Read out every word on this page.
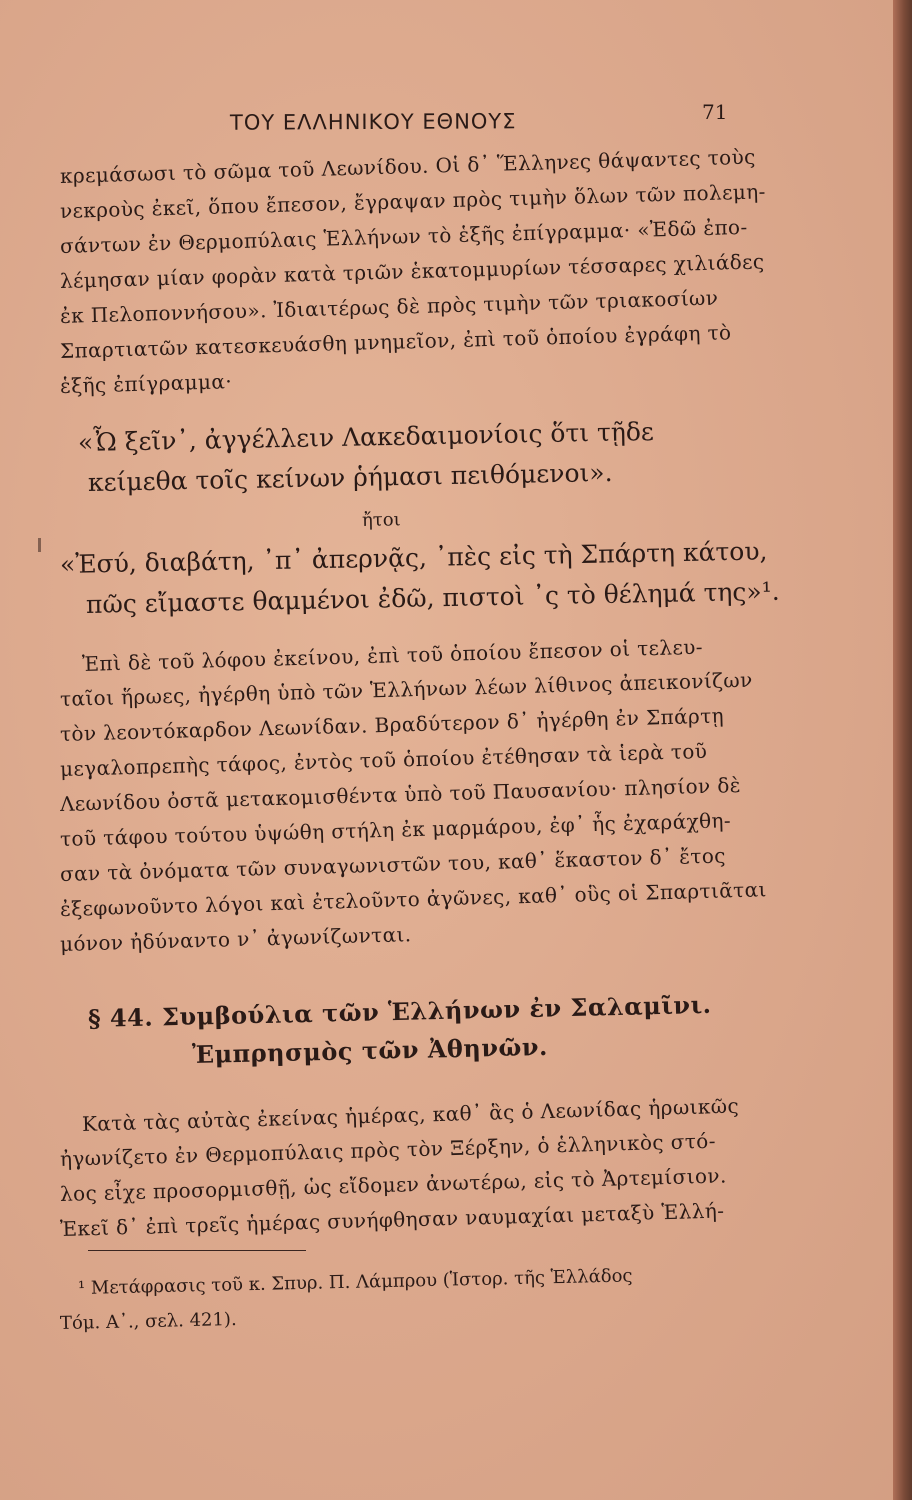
ΤΟΥ ΕΛΛΗΝΙΚΟΥ ΕΘΝΟΥΣ	71
κρεμάσωσι τὸ σῶμα τοῦ Λεωνίδου. Οἱ δ᾽ Ἕλληνες θάψαντες τοὺς
νεκροὺς ἐκεῖ, ὅπου ἔπεσον, ἔγραψαν πρὸς τιμὴν ὅλων τῶν πολεμη-
σάντων ἐν Θερμοπύλαις Ἑλλήνων τὸ ἑξῆς ἐπίγραμμα· «Ἐδῶ ἐπο-
λέμησαν μίαν φορὰν κατὰ τριῶν ἑκατομμυρίων τέσσαρες χιλιάδες
ἐκ Πελοποννήσου». Ἰδιαιτέρως δὲ πρὸς τιμὴν τῶν τριακοσίων
Σπαρτιατῶν κατεσκευάσθη μνημεῖον, ἐπὶ τοῦ ὁποίου ἐγράφη τὸ
ἑξῆς ἐπίγραμμα·
«Ὦ ξεῖν᾽, ἀγγέλλειν Λακεδαιμονίοις ὅτι τῇδε
κείμεθα τοῖς κείνων ῥήμασι πειθόμενοι».
ἤτοι
«Ἐσύ, διαβάτη, ᾽π᾽ ἀπερνᾷς, ᾽πὲς εἰς τὴ Σπάρτη κάτου,
πῶς εἴμαστε θαμμένοι ἐδῶ, πιστοὶ ᾽ς τὸ θέλημά της»¹.
Ἐπὶ δὲ τοῦ λόφου ἐκείνου, ἐπὶ τοῦ ὁποίου ἔπεσον οἱ τελευ-
ταῖοι ἥρωες, ἠγέρθη ὑπὸ τῶν Ἑλλήνων λέων λίθινος ἀπεικονίζων
τὸν λεοντόκαρδον Λεωνίδαν. Βραδύτερον δ᾽ ἠγέρθη ἐν Σπάρτῃ
μεγαλοπρεπὴς τάφος, ἐντὸς τοῦ ὁποίου ἐτέθησαν τὰ ἱερὰ τοῦ
Λεωνίδου ὀστᾶ μετακομισθέντα ὑπὸ τοῦ Παυσανίου· πλησίον δὲ
τοῦ τάφου τούτου ὑψώθη στήλη ἐκ μαρμάρου, ἐφ᾽ ἧς ἐχαράχθη-
σαν τὰ ὀνόματα τῶν συναγωνιστῶν του, καθ᾽ ἕκαστον δ᾽ ἔτος
ἐξεφωνοῦντο λόγοι καὶ ἐτελοῦντο ἀγῶνες, καθ᾽ οὓς οἱ Σπαρτιᾶται
μόνον ἠδύναντο ν᾽ ἀγωνίζωνται.
§ 44. Συμβούλια τῶν Ἑλλήνων ἐν Σαλαμῖνι.
Ἐμπρησμὸς τῶν Ἀθηνῶν.
Κατὰ τὰς αὐτὰς ἐκείνας ἡμέρας, καθ᾽ ἃς ὁ Λεωνίδας ἡρωικῶς
ἠγωνίζετο ἐν Θερμοπύλαις πρὸς τὸν Ξέρξην, ὁ ἑλληνικὸς στό-
λος εἶχε προσορμισθῇ, ὡς εἴδομεν ἀνωτέρω, εἰς τὸ Ἀρτεμίσιον.
Ἐκεῖ δ᾽ ἐπὶ τρεῖς ἡμέρας συνήφθησαν ναυμαχίαι μεταξὺ Ἑλλή-
¹ Μετάφρασις τοῦ κ. Σπυρ. Π. Λάμπρου (Ἱστορ. τῆς Ἑλλάδος
Τόμ. Α᾽., σελ. 421).
